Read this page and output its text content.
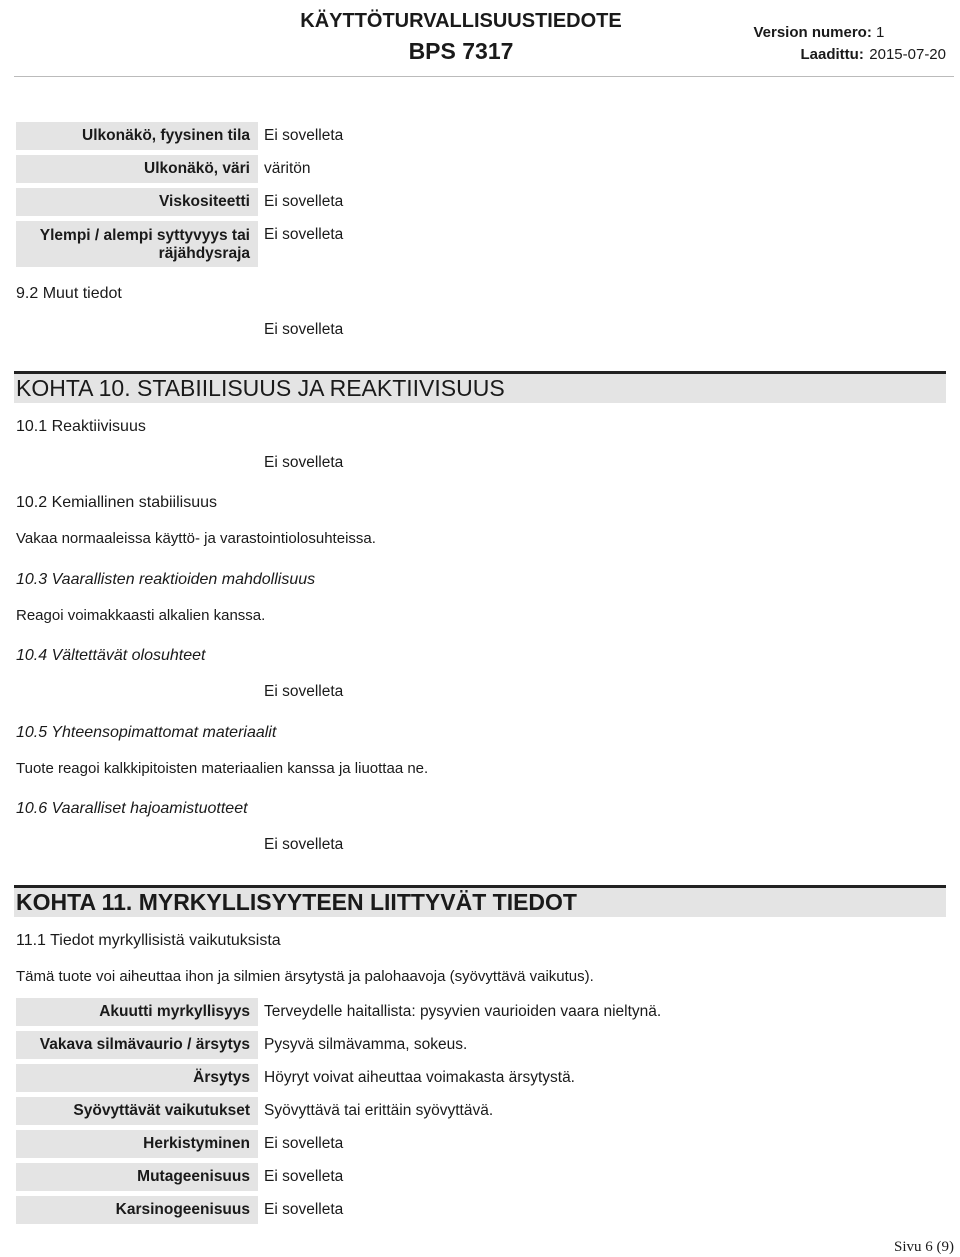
KÄYTTÖTURVALLISUUSTIEDOTE
BPS 7317
Version numero: 1
Laadittu: 2015-07-20
Ulkonäkö, fyysinen tila Ei sovelleta
Ulkonäkö, väri väritön
Viskositeetti Ei sovelleta
Ylempi / alempi syttyvyys tai räjähdysraja
Ei sovelleta
9.2 Muut tiedot
Ei sovelleta
KOHTA 10. STABIILISUUS JA REAKTIIVISUUS
10.1 Reaktiivisuus
Ei sovelleta
10.2 Kemiallinen stabiilisuus
Vakaa normaaleissa käyttö- ja varastointiolosuhteissa.
10.3 Vaarallisten reaktioiden mahdollisuus
Reagoi voimakkaasti alkalien kanssa.
10.4 Vältettävät olosuhteet
Ei sovelleta
10.5 Yhteensopimattomat materiaalit
Tuote reagoi kalkkipitoisten materiaalien kanssa ja liuottaa ne.
10.6 Vaaralliset hajoamistuotteet
Ei sovelleta
KOHTA 11. MYRKYLLISYYTEEN LIITTYVÄT TIEDOT
11.1 Tiedot myrkyllisistä vaikutuksista
Tämä tuote voi aiheuttaa ihon ja silmien ärsytystä ja palohaavoja (syövyttävä vaikutus).
Akuutti myrkyllisyys Terveydelle haitallista: pysyvien vaurioiden vaara nieltynä.
Vakava silmävaurio / ärsytys Pysyvä silmävamma, sokeus.
Ärsytys Höyryt voivat aiheuttaa voimakasta ärsytystä.
Syövyttävät vaikutukset Syövyttävä tai erittäin syövyttävä.
Herkistyminen Ei sovelleta
Mutageenisuus Ei sovelleta
Karsinogeenisuus Ei sovelleta
Sivu 6 (9)
